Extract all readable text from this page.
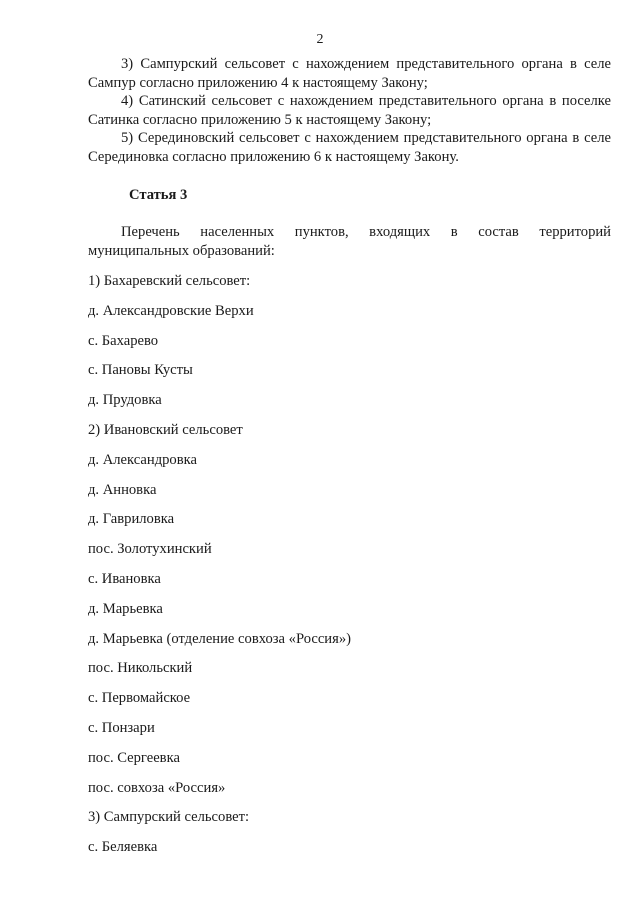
2

3) Сампурский сельсовет с нахождением представительного органа в селе Сампур согласно приложению 4 к настоящему Закону;

4) Сатинский сельсовет с нахождением представительного органа в поселке Сатинка согласно приложению 5 к настоящему Закону;

5) Серединовский сельсовет с нахождением представительного органа в селе Серединовка согласно приложению 6 к настоящему Закону.

Статья 3

Перечень населенных пунктов, входящих в состав территорий муниципальных образований:

1) Бахаревский сельсовет:
д. Александровские Верхи
с. Бахарево
с. Пановы Кусты
д. Прудовка
2) Ивановский сельсовет
д. Александровка
д. Анновка
д. Гавриловка
пос. Золотухинский
с. Ивановка
д. Марьевка
д. Марьевка (отделение совхоза «Россия»)
пос. Никольский
с. Первомайское
с. Понзари
пос. Сергеевка
пос. совхоза «Россия»
3) Сампурский сельсовет:
с. Беляевка
